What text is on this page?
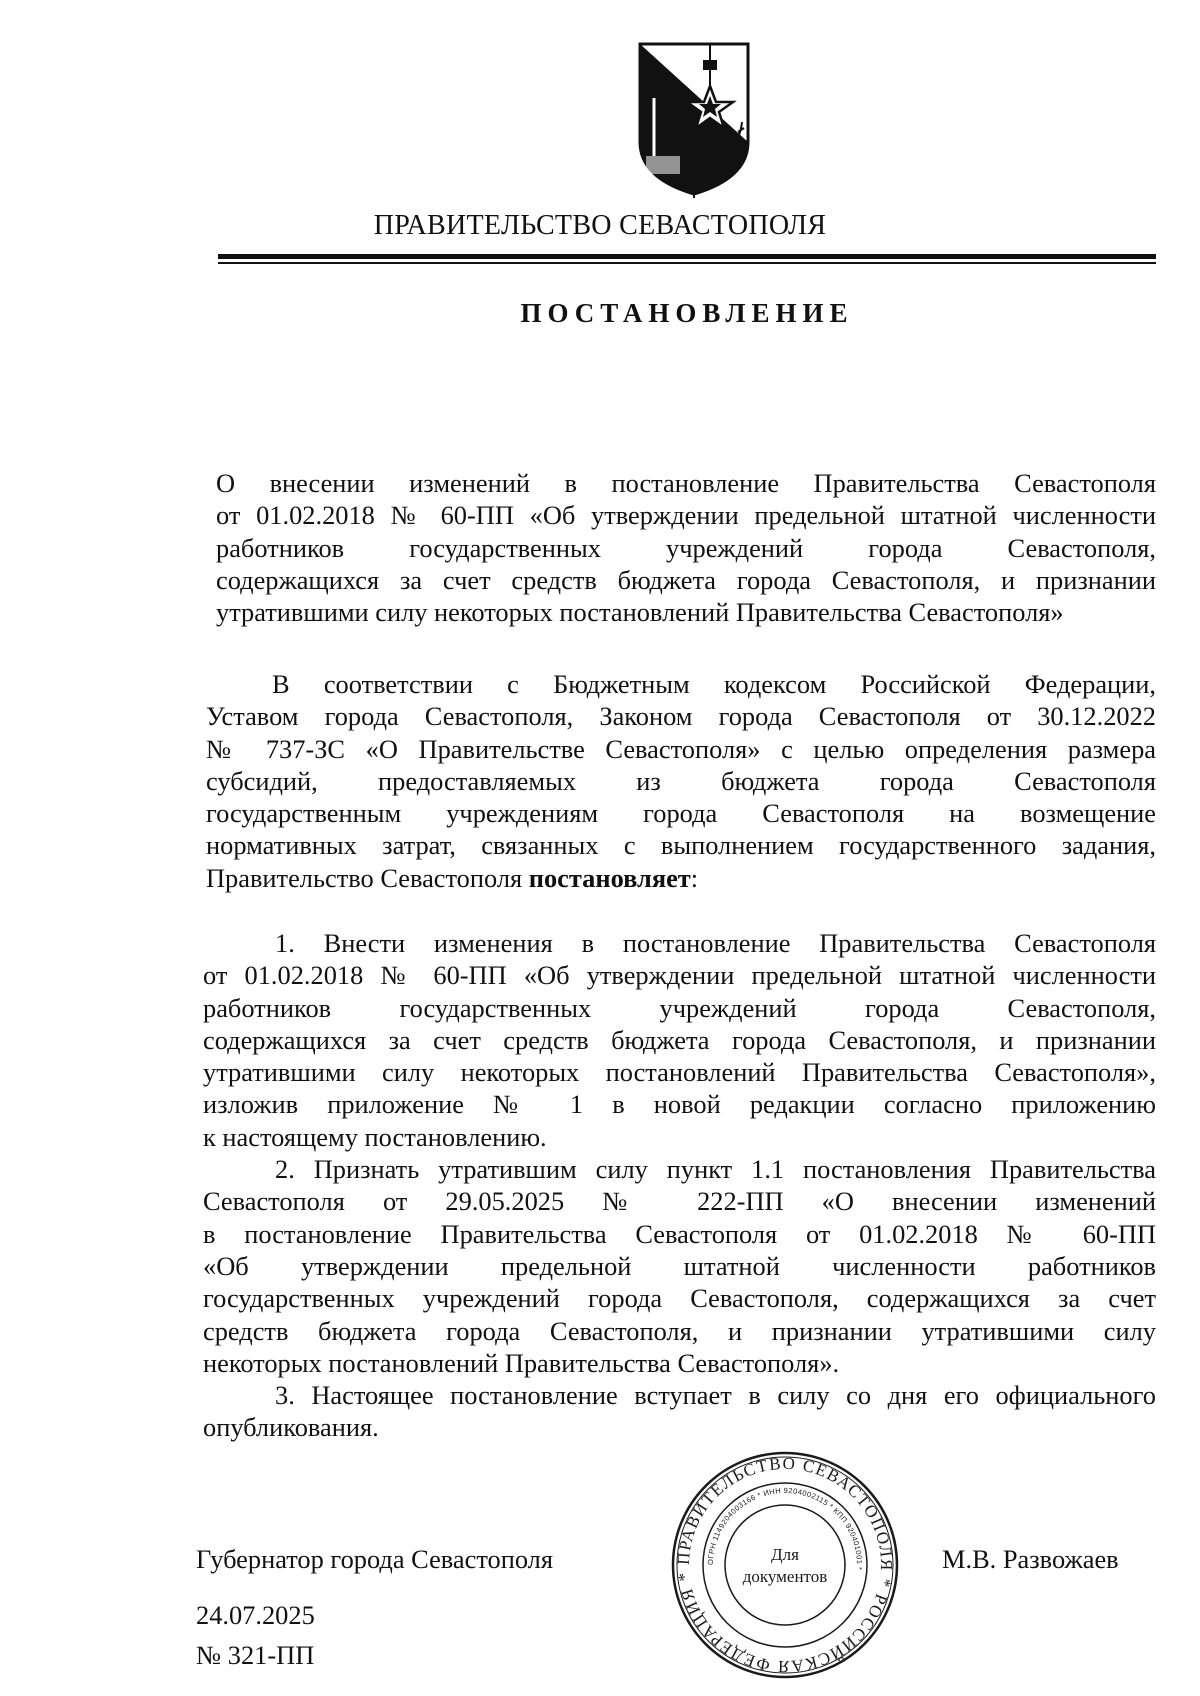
ПРАВИТЕЛЬСТВО СЕВАСТОПОЛЯ
ПОСТАНОВЛЕНИЕ
О внесении изменений в постановление Правительства Севастополя
от 01.02.2018 № 60-ПП «Об утверждении предельной штатной численности
работников государственных учреждений города Севастополя,
содержащихся за счет средств бюджета города Севастополя, и признании
утратившими силу некоторых постановлений Правительства Севастополя»
В соответствии с Бюджетным кодексом Российской Федерации,
Уставом города Севастополя, Законом города Севастополя от 30.12.2022
№ 737-ЗС «О Правительстве Севастополя» с целью определения размера
субсидий, предоставляемых из бюджета города Севастополя
государственным учреждениям города Севастополя на возмещение
нормативных затрат, связанных с выполнением государственного задания,
Правительство Севастополя постановляет:
1. Внести изменения в постановление Правительства Севастополя
от 01.02.2018 № 60-ПП «Об утверждении предельной штатной численности
работников государственных учреждений города Севастополя,
содержащихся за счет средств бюджета города Севастополя, и признании
утратившими силу некоторых постановлений Правительства Севастополя»,
изложив приложение № 1 в новой редакции согласно приложению
к настоящему постановлению.
2. Признать утратившим силу пункт 1.1 постановления Правительства
Севастополя от 29.05.2025 № 222-ПП «О внесении изменений
в постановление Правительства Севастополя от 01.02.2018 № 60-ПП
«Об утверждении предельной штатной численности работников
государственных учреждений города Севастополя, содержащихся за счет
средств бюджета города Севастополя, и признании утратившими силу
некоторых постановлений Правительства Севастополя».
3. Настоящее постановление вступает в силу со дня его официального
опубликования.
Губернатор города Севастополя	М.В. Развожаев
24.07.2025
№ 321-ПП
ПРАВИТЕЛЬСТВО СЕВАСТОПОЛЯ * РОССИЙСКАЯ ФЕДЕРАЦИЯ *
ОГРН 1149204003166 * ИНН 9204002115 * КПП 920401001 *
Для
документов
